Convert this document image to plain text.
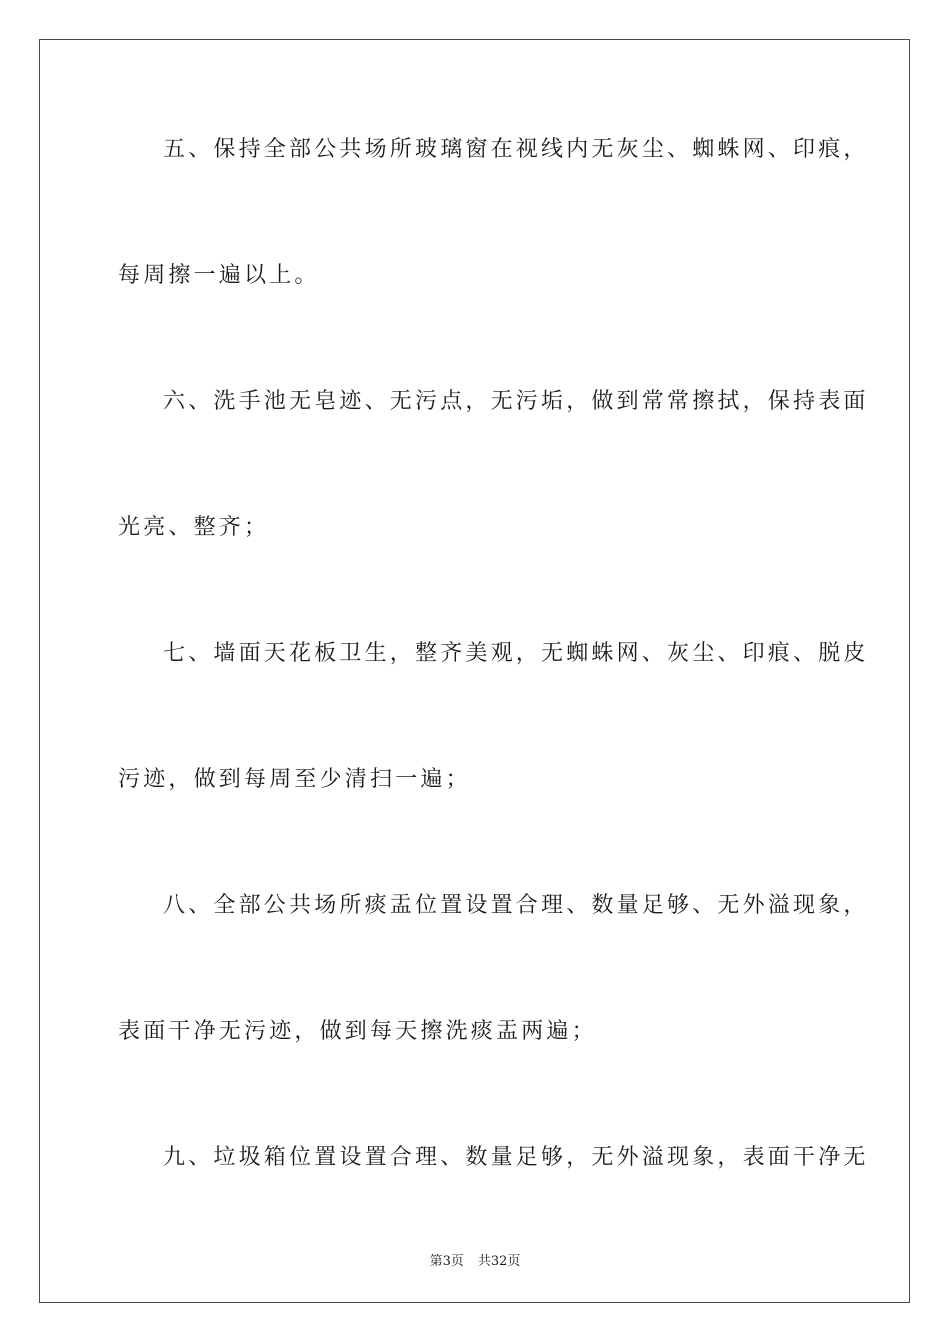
五、保持全部公共场所玻璃窗在视线内无灰尘、蜘蛛网、印痕，
每周擦一遍以上。
六、洗手池无皂迹、无污点，无污垢，做到常常擦拭，保持表面
光亮、整齐；
七、墙面天花板卫生，整齐美观，无蜘蛛网、灰尘、印痕、脱皮
污迹，做到每周至少清扫一遍；
八、全部公共场所痰盂位置设置合理、数量足够、无外溢现象，
表面干净无污迹，做到每天擦洗痰盂两遍；
九、垃圾箱位置设置合理、数量足够，无外溢现象，表面干净无
第3页 共32页
